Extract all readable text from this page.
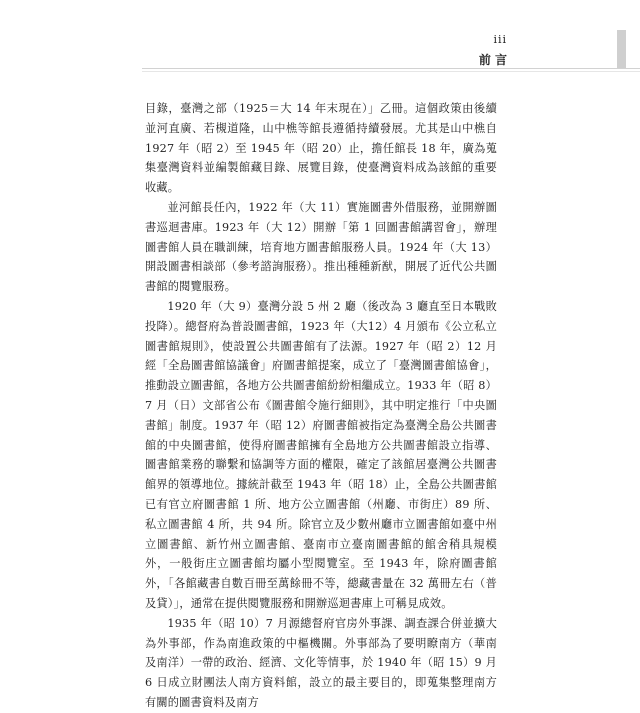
iii
前 言

目錄，臺灣之部（1925＝大 14 年末現在）」乙冊。這個政策由後續並河直廣、若槻道隆，山中樵等館長遵循持續發展。尤其是山中樵自 1927 年（昭 2）至 1945 年（昭 20）止，擔任館長 18 年，廣為蒐集臺灣資料並編製館藏目錄、展覽目錄，使臺灣資料成為該館的重要收藏。

並河館長任內，1922 年（大 11）實施圖書外借服務，並開辦圖書巡迴書庫。1923 年（大 12）開辦「第 1 回圖書館講習會」，辦理圖書館人員在職訓練，培育地方圖書館服務人員。1924 年（大 13）開設圖書相談部（參考諮詢服務）。推出種種新猷，開展了近代公共圖書館的閱覽服務。

1920 年（大 9）臺灣分設 5 州 2 廳（後改為 3 廳直至日本戰敗投降）。總督府為普設圖書館，1923 年（大12）4 月頒布《公立私立圖書館規則》，使設置公共圖書館有了法源。1927 年（昭 2）12 月經「全島圖書館協議會」府圖書館提案，成立了「臺灣圖書館協會」，推動設立圖書館，各地方公共圖書館紛紛相繼成立。1933 年（昭 8）7 月（日）文部省公布《圖書館令施行細則》，其中明定推行「中央圖書館」制度。1937 年（昭 12）府圖書館被指定為臺灣全島公共圖書館的中央圖書館，使得府圖書館擁有全島地方公共圖書館設立指導、圖書館業務的聯繫和協調等方面的權限，確定了該館居臺灣公共圖書館界的領導地位。據統計截至 1943 年（昭 18）止，全島公共圖書館已有官立府圖書館 1 所、地方公立圖書館（州廳、市街庄）89 所、私立圖書館 4 所，共 94 所。除官立及少數州廳市立圖書館如臺中州立圖書館、新竹州立圖書館、臺南市立臺南圖書館的館舍稍具規模外，一般街庄立圖書館均屬小型閱覽室。至 1943 年，除府圖書館外，「各館藏書自數百冊至萬餘冊不等，總藏書量在 32 萬冊左右（普及貸）」，通常在提供閱覽服務和開辦巡迴書庫上可稱見成效。

1935 年（昭 10）7 月源總督府官房外事課、調查課合併並擴大為外事部，作為南進政策的中樞機關。外事部為了要明瞭南方（華南及南洋）一帶的政治、經濟、文化等情事，於 1940 年（昭 15）9 月 6 日成立財團法人南方資料館，設立的最主要目的，即蒐集整理南方有關的圖書資料及南方
